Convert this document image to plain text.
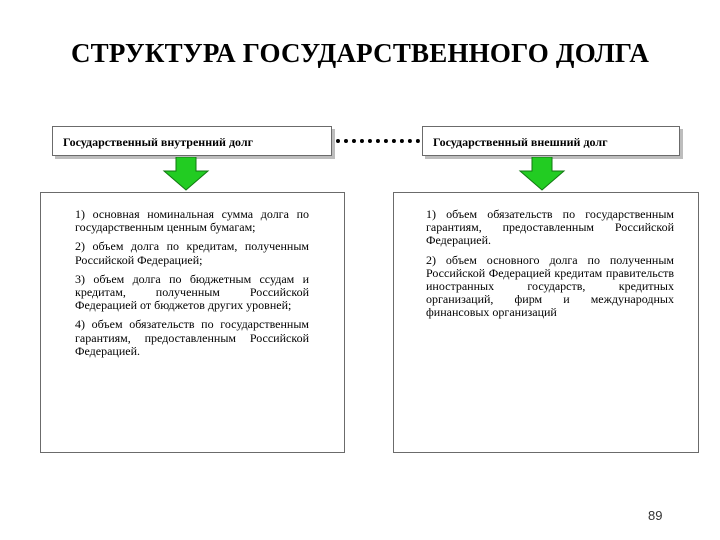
СТРУКТУРА ГОСУДАРСТВЕННОГО ДОЛГА
Государственный внутренний долг	Государственный внешний долг

1) основная номинальная сумма долга по государственным ценным бумагам;

2) объем долга по кредитам, полученным Российской Федерацией;

3) объем долга по бюджетным ссудам и кредитам, полученным Российской Федерацией от бюджетов других уровней;

4) объем обязательств по государственным гарантиям, предоставленным Российской Федерацией.

1) объем обязательств по государственным гарантиям, предоставленным Российской Федерацией.

2) объем основного долга по полученным Российской Федерацией кредитам правительств иностранных государств, кредитных организаций, фирм и международных финансовых организаций

89
